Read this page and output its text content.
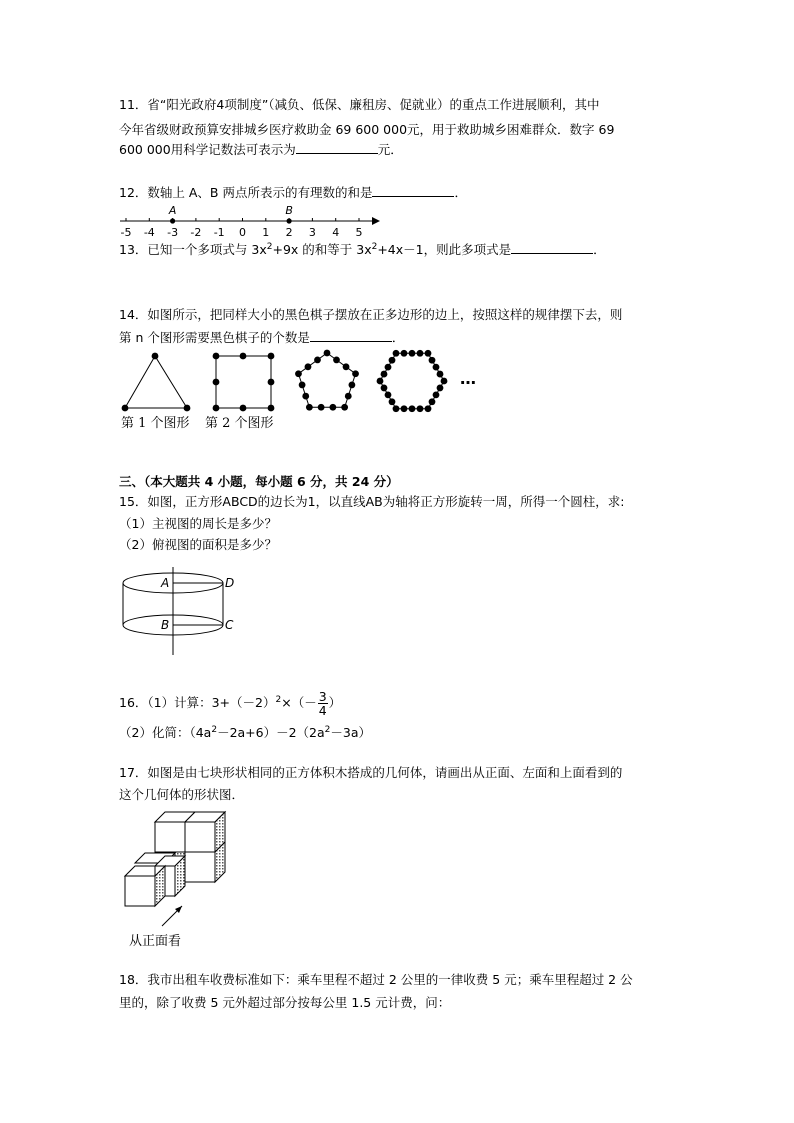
11．省“阳光政府4项制度”（减负、低保、廉租房、促就业）的重点工作进展顺利，其中
今年省级财政预算安排城乡医疗救助金 69 600 000元，用于救助城乡困难群众．数字 69
600 000用科学记数法可表示为	元．
12．数轴上 A、B 两点所表示的有理数的和是	．
A	B
-5 -4 -3 -2 -1 0 1 2 3 4 5
13．已知一个多项式与 $3x^2+9x$ 的和等于 $3x^2+4x-1$，则此多项式是	．
14．如图所示，把同样大小的黑色棋子摆放在正多边形的边上，按照这样的规律摆下去，则
第 n 个图形需要黑色棋子的个数是	．
…
第 1 个图形 第 2 个图形
三、（本大题共 4 小题，每小题 6 分，共 24 分）
15．如图，正方形ABCD的边长为1，以直线AB为轴将正方形旋转一周，所得一个圆柱，求:
（1）主视图的周长是多少？
（2）俯视图的面积是多少？
A	D
B	C
16．（1）计算：$3+(-2)^2\times(- \frac{3}{4}$ ）
（2）化简：$(4a^2-2a+6)-2(2a^2-3a)$
17．如图是由七块形状相同的正方体积木搭成的几何体，请画出从正面、左面和上面看到的
这个几何体的形状图．
从正面看
18．我市出租车收费标准如下：乘车里程不超过 2 公里的一律收费 5 元；乘车里程超过 2 公
里的，除了收费 5 元外超过部分按每公里 1.5 元计费，问：
